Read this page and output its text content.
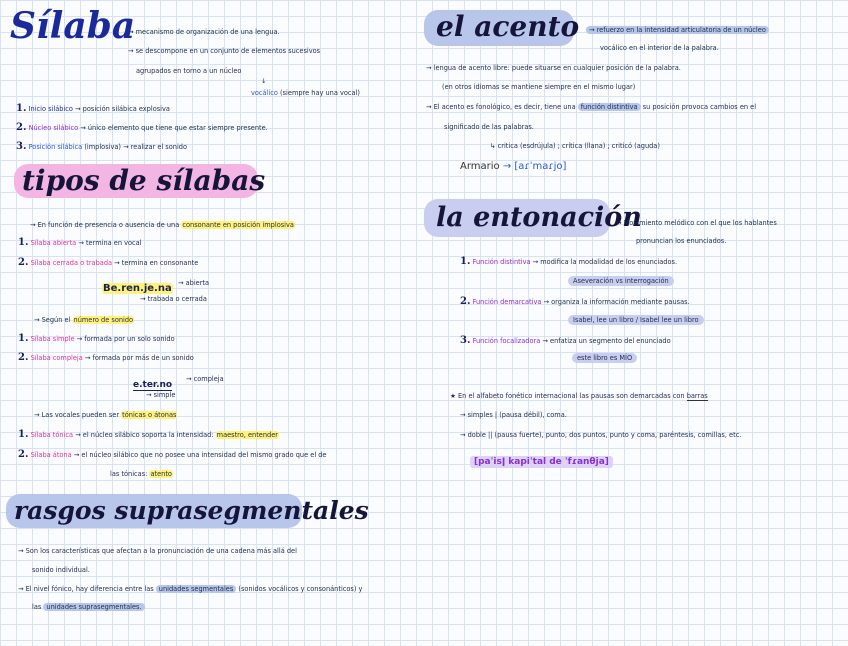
Sílaba
→ mecanismo de organización de una lengua.
→ se descompone en un conjunto de elementos sucesivos
agrupados en torno a un núcleo
↓
vocálico (siempre hay una vocal)
1. Inicio silábico → posición silábica explosiva
2. Núcleo silábico → único elemento que tiene que estar siempre presente.
3. Posición silábica (implosiva) → realizar el sonido
tipos de sílabas
→ En función de presencia o ausencia de una consonante en posición implosiva
1. Sílaba abierta → termina en vocal
2. Sílaba cerrada o trabada → termina en consonante
Be.ren.je.na → abierta
→ trabada o cerrada
→ Según el número de sonido
1. Sílaba simple → formada por un solo sonido
2. Sílaba compleja → formada por más de un sonido
e.ter.no
→ compleja
→ simple
→ Las vocales pueden ser tónicas o átonas
1. Sílaba tónica → el núcleo silábico soporta la intensidad: maestro, entender
2. Sílaba átona → el núcleo silábico que no posee una intensidad del mismo grado que el de
las tónicas: atento
rasgos suprasegmentales
→ Son los características que afectan a la pronunciación de una cadena más allá del
sonido individual.
→ El nivel fónico, hay diferencia entre las unidades segmentales (sonidos vocálicos y consonánticos) y
las unidades suprasegmentales.
el acento	→ refuerzo en la intensidad articulatoria de un núcleo
vocálico en el interior de la palabra.
→ lengua de acento libre: puede situarse en cualquier posición de la palabra.
(en otros idiomas se mantiene siempre en el mismo lugar)
→ El acento es fonológico, es decir, tiene una función distintiva su posición provoca cambios en el
significado de las palabras.
↳ critica (esdrújula) ; crítica (llana) ; criticó (aguda)
Armario → [aɾˈmaɾjo]
la entonación
→ Movimiento melódico con el que los hablantes
pronuncian los enunciados.
1. Función distintiva → modifica la modalidad de los enunciados.
Aseveración vs interrogación
2. Función demarcativa → organiza la información mediante pausas.
Isabel, lee un libro / Isabel lee un libro
3. Función focalizadora → enfatiza un segmento del enunciado
este libro es MÍO
★ En el alfabeto fonético internacional las pausas son demarcadas con barras
→ simples | (pausa débil), coma.
→ doble || (pausa fuerte), punto, dos puntos, punto y coma, paréntesis, comillas, etc.
[paˈisǀ kapiˈtal de ˈfɾanθja]
